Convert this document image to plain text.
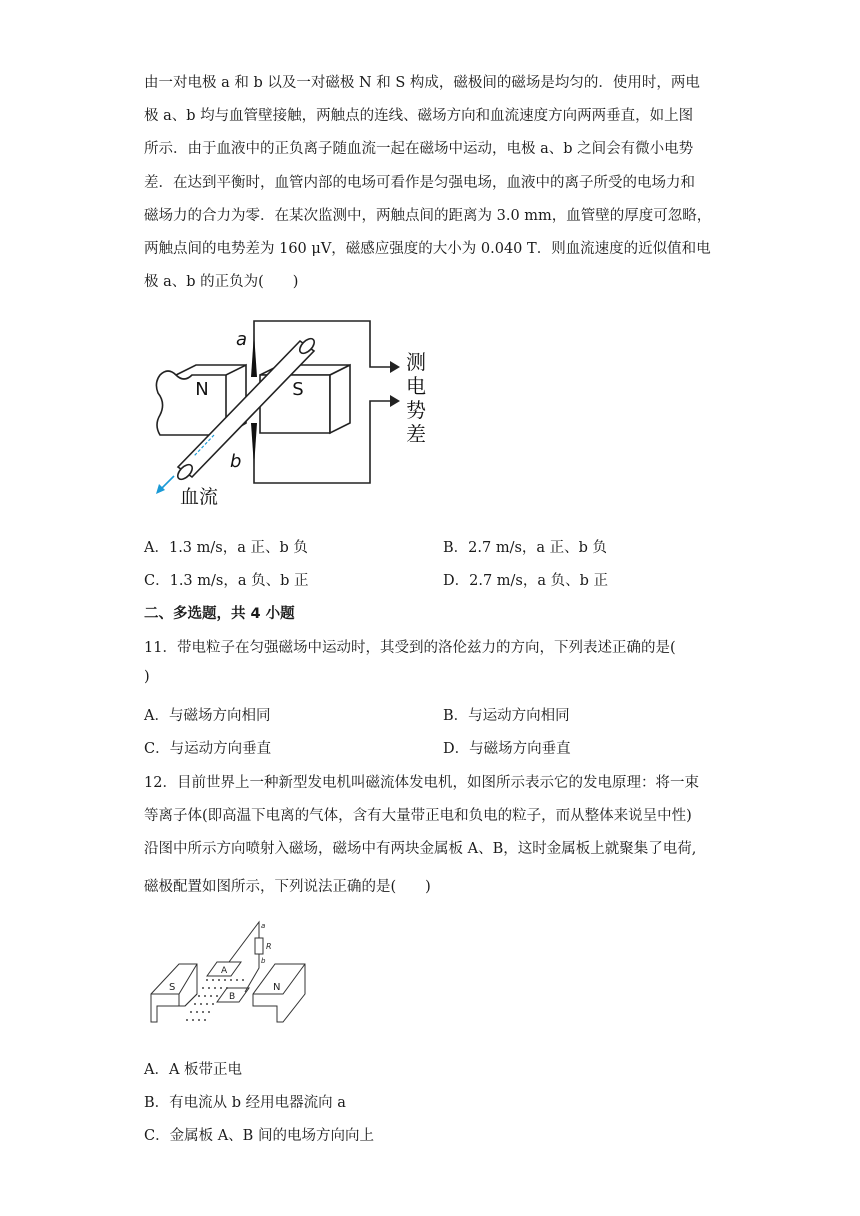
由一对电极 a 和 b 以及一对磁极 N 和 S 构成，磁极间的磁场是均匀的．使用时，两电
极 a、b 均与血管壁接触，两触点的连线、磁场方向和血流速度方向两两垂直，如上图
所示．由于血液中的正负离子随血流一起在磁场中运动，电极 a、b 之间会有微小电势
差．在达到平衡时，血管内部的电场可看作是匀强电场，血液中的离子所受的电场力和
磁场力的合力为零．在某次监测中，两触点间的距离为 3.0 mm，血管壁的厚度可忽略，
两触点间的电势差为 160 μV，磁感应强度的大小为 0.040 T．则血流速度的近似值和电
极 a、b 的正负为(　　)
N	S
a
b
血流
测
电
势
差
A．1.3 m/s，a 正、b 负	B．2.7 m/s，a 正、b 负
C．1.3 m/s，a 负、b 正	D．2.7 m/s，a 负、b 正
二、多选题，共 4 小题
11．带电粒子在匀强磁场中运动时，其受到的洛伦兹力的方向，下列表述正确的是(
)
A．与磁场方向相同	B．与运动方向相同
C．与运动方向垂直	D．与磁场方向垂直
12．目前世界上一种新型发电机叫磁流体发电机，如图所示表示它的发电原理：将一束
等离子体(即高温下电离的气体，含有大量带正电和负电的粒子，而从整体来说呈中性)
沿图中所示方向喷射入磁场，磁场中有两块金属板 A、B，这时金属板上就聚集了电荷,
磁极配置如图所示，下列说法正确的是(　　)
S	N
A
B
R
a
b
A．A 板带正电
B．有电流从 b 经用电器流向 a
C．金属板 A、B 间的电场方向向上
